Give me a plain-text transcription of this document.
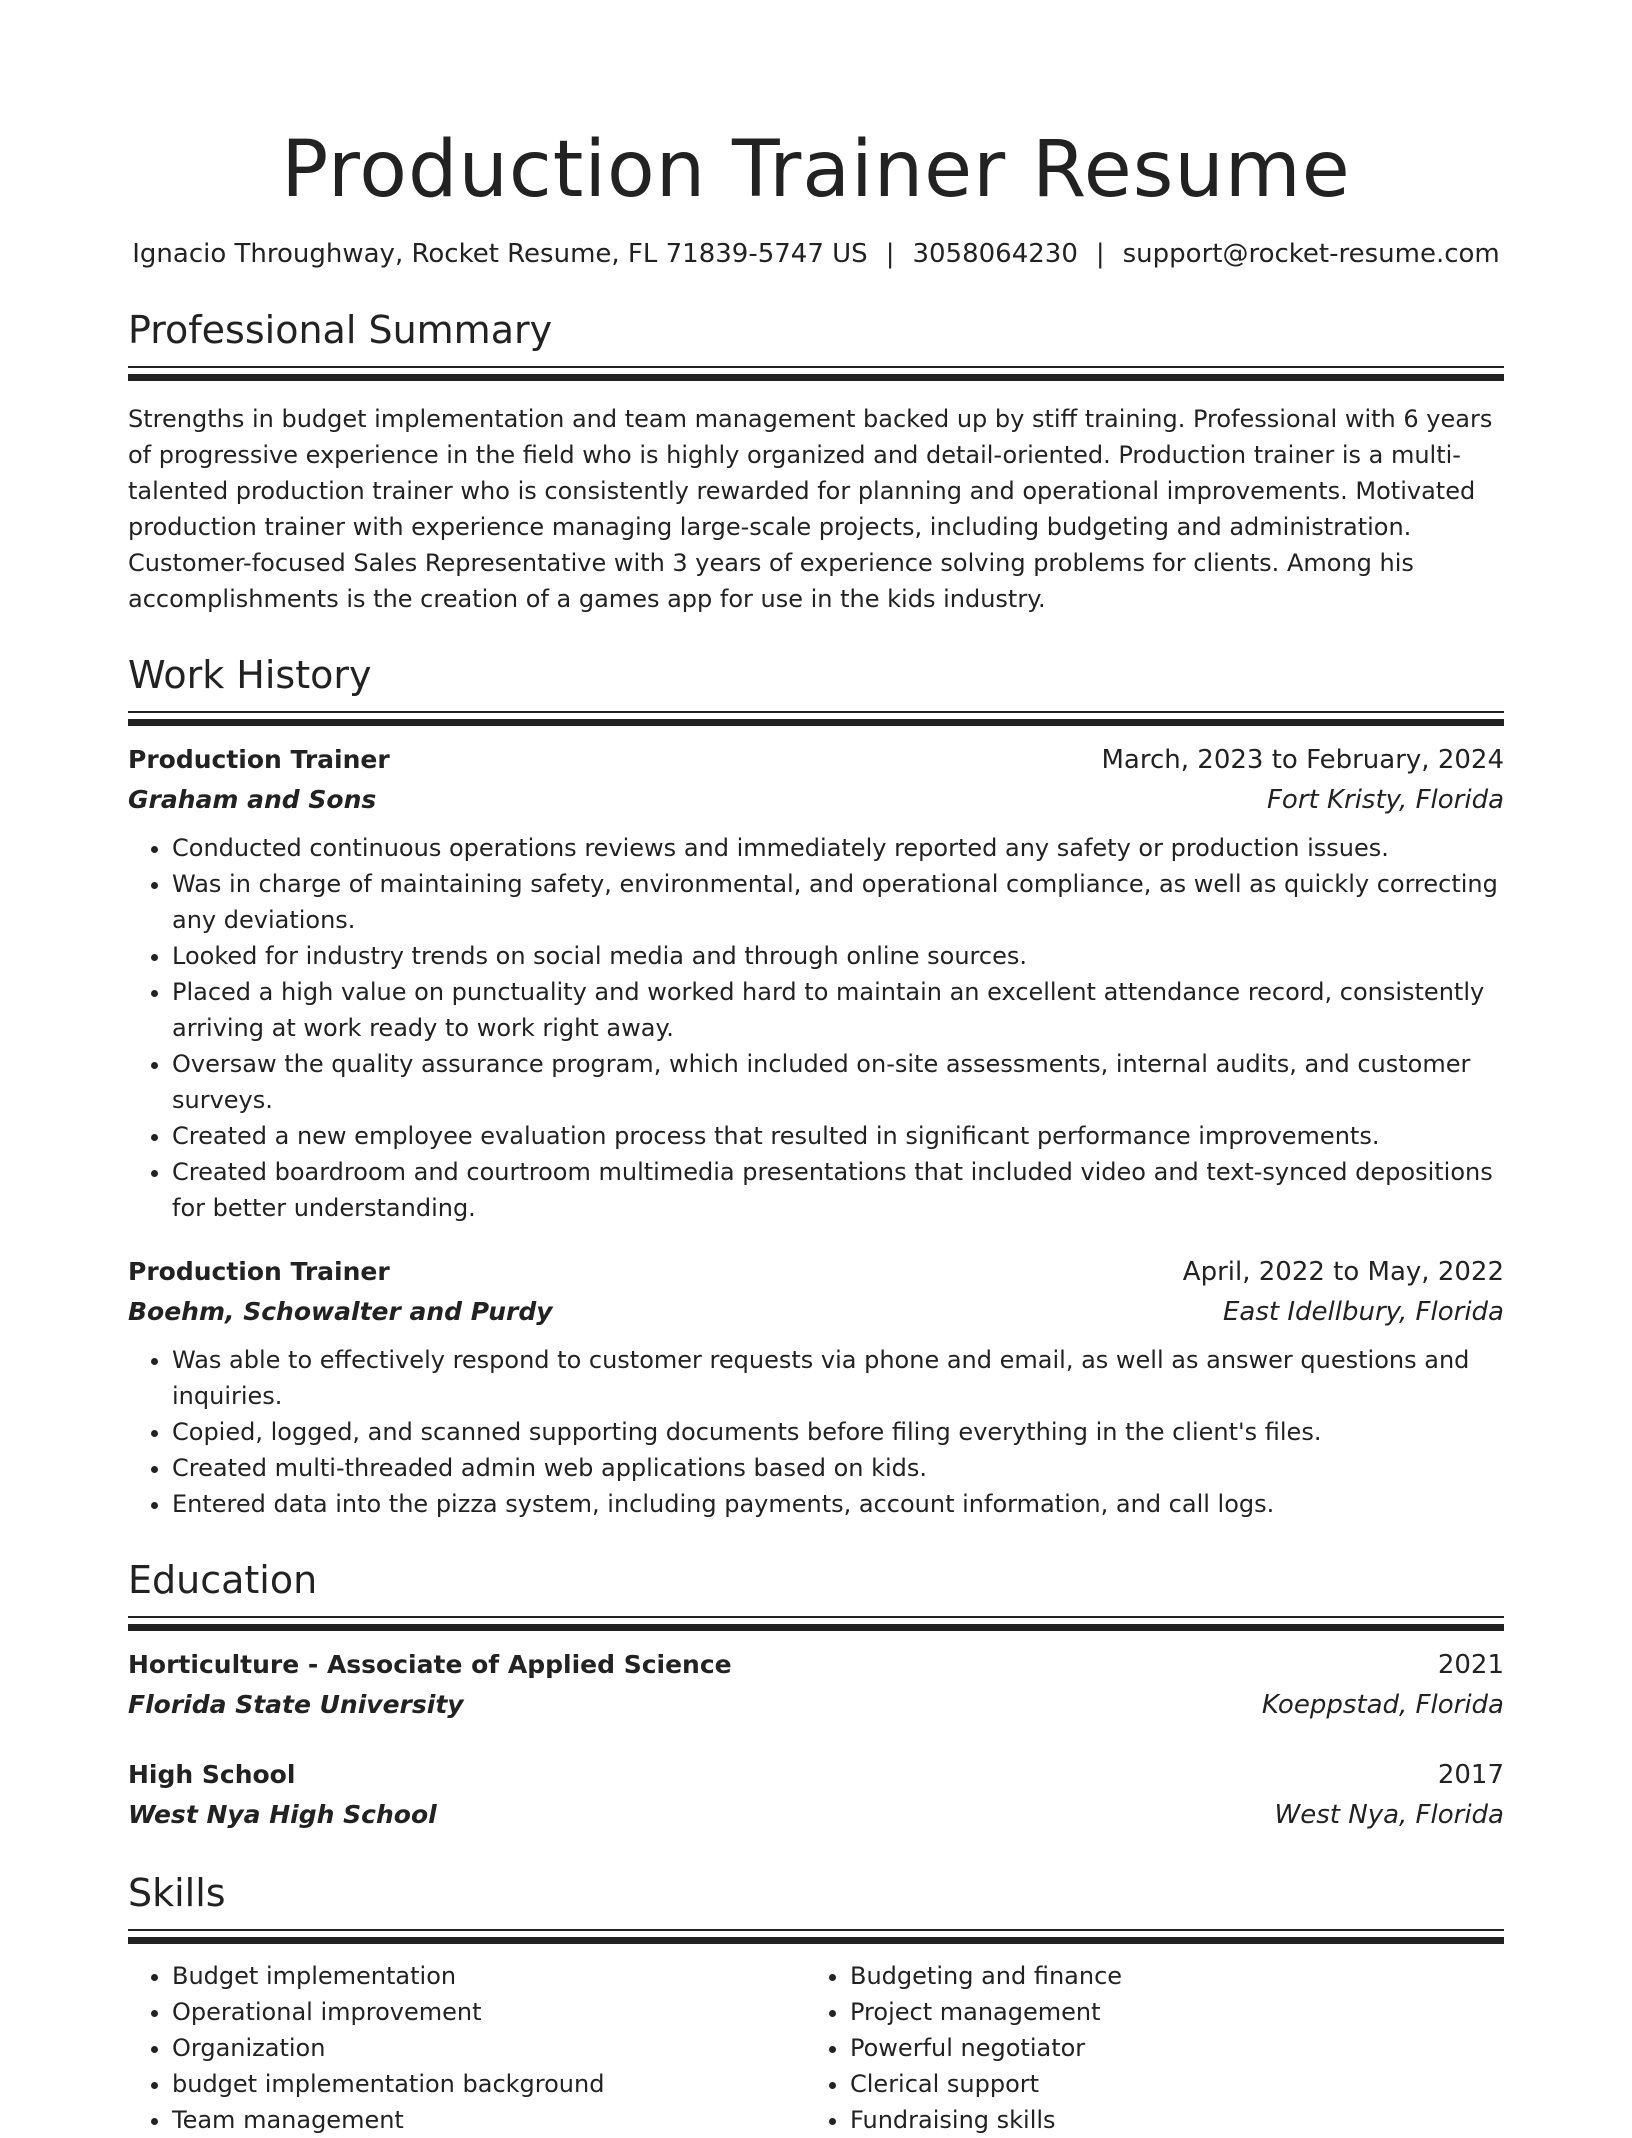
Production Trainer Resume
Ignacio Throughway, Rocket Resume, FL 71839-5747 US | 3058064230 | support@rocket-resume.com
Professional Summary

Strengths in budget implementation and team management backed up by stiff training. Professional with 6 years of progressive experience in the field who is highly organized and detail-oriented. Production trainer is a multi-talented production trainer who is consistently rewarded for planning and operational improvements. Motivated production trainer with experience managing large-scale projects, including budgeting and administration. Customer-focused Sales Representative with 3 years of experience solving problems for clients. Among his accomplishments is the creation of a games app for use in the kids industry.

Work History
Production Trainer	March, 2023 to February, 2024
Graham and Sons	Fort Kristy, Florida
• Conducted continuous operations reviews and immediately reported any safety or production issues.
• Was in charge of maintaining safety, environmental, and operational compliance, as well as quickly correcting any deviations.
• Looked for industry trends on social media and through online sources.
• Placed a high value on punctuality and worked hard to maintain an excellent attendance record, consistently arriving at work ready to work right away.
• Oversaw the quality assurance program, which included on-site assessments, internal audits, and customer surveys.
• Created a new employee evaluation process that resulted in significant performance improvements.
• Created boardroom and courtroom multimedia presentations that included video and text-synced depositions for better understanding.
Production Trainer	April, 2022 to May, 2022
Boehm, Schowalter and Purdy	East Idellbury, Florida
• Was able to effectively respond to customer requests via phone and email, as well as answer questions and inquiries.
• Copied, logged, and scanned supporting documents before filing everything in the client's files.
• Created multi-threaded admin web applications based on kids.
• Entered data into the pizza system, including payments, account information, and call logs.
Education
Horticulture - Associate of Applied Science	2021
Florida State University	Koeppstad, Florida
High School	2017
West Nya High School	West Nya, Florida
Skills
• Budget implementation
• Operational improvement
• Organization
• budget implementation background
• Team management
• Budgeting and finance
• Project management
• Powerful negotiator
• Clerical support
• Fundraising skills
